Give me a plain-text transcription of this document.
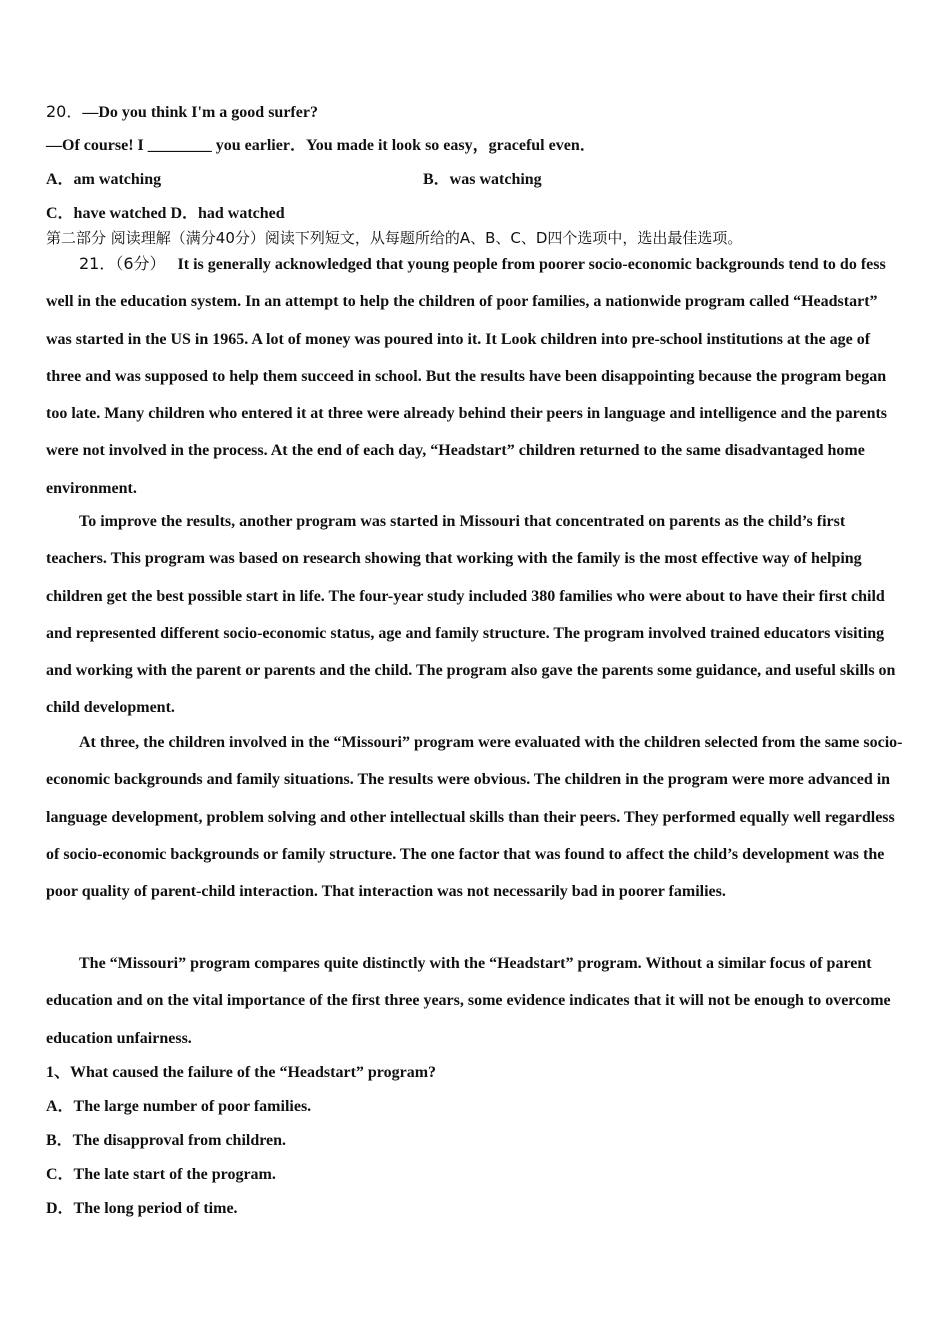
20．—Do you think I'm a good surfer?
—Of course! I ________ you earlier．You made it look so easy，graceful even．
A．am watching	B．was watching
C．have watched D．had watched
第二部分 阅读理解（满分40分）阅读下列短文，从每题所给的A、B、C、D四个选项中，选出最佳选项。
21．（6分） It is generally acknowledged that young people from poorer socio-economic backgrounds tend to do fess well in the education system. In an attempt to help the children of poor families, a nationwide program called “Headstart” was started in the US in 1965. A lot of money was poured into it. It Look children into pre-school institutions at the age of three and was supposed to help them succeed in school. But the results have been disappointing because the program began too late. Many children who entered it at three were already behind their peers in language and intelligence and the parents were not involved in the process. At the end of each day, “Headstart” children returned to the same disadvantaged home environment.
To improve the results, another program was started in Missouri that concentrated on parents as the child’s first teachers. This program was based on research showing that working with the family is the most effective way of helping children get the best possible start in life. The four-year study included 380 families who were about to have their first child and represented different socio-economic status, age and family structure. The program involved trained educators visiting and working with the parent or parents and the child. The program also gave the parents some guidance, and useful skills on child development.
At three, the children involved in the “Missouri” program were evaluated with the children selected from the same socio-economic backgrounds and family situations. The results were obvious. The children in the program were more advanced in language development, problem solving and other intellectual skills than their peers. They performed equally well regardless of socio-economic backgrounds or family structure. The one factor that was found to affect the child’s development was the poor quality of parent-child interaction. That interaction was not necessarily bad in poorer families.
The “Missouri” program compares quite distinctly with the “Headstart” program. Without a similar focus of parent education and on the vital importance of the first three years, some evidence indicates that it will not be enough to overcome education unfairness.
1、What caused the failure of the “Headstart” program?
A．The large number of poor families.
B．The disapproval from children.
C．The late start of the program.
D．The long period of time.
